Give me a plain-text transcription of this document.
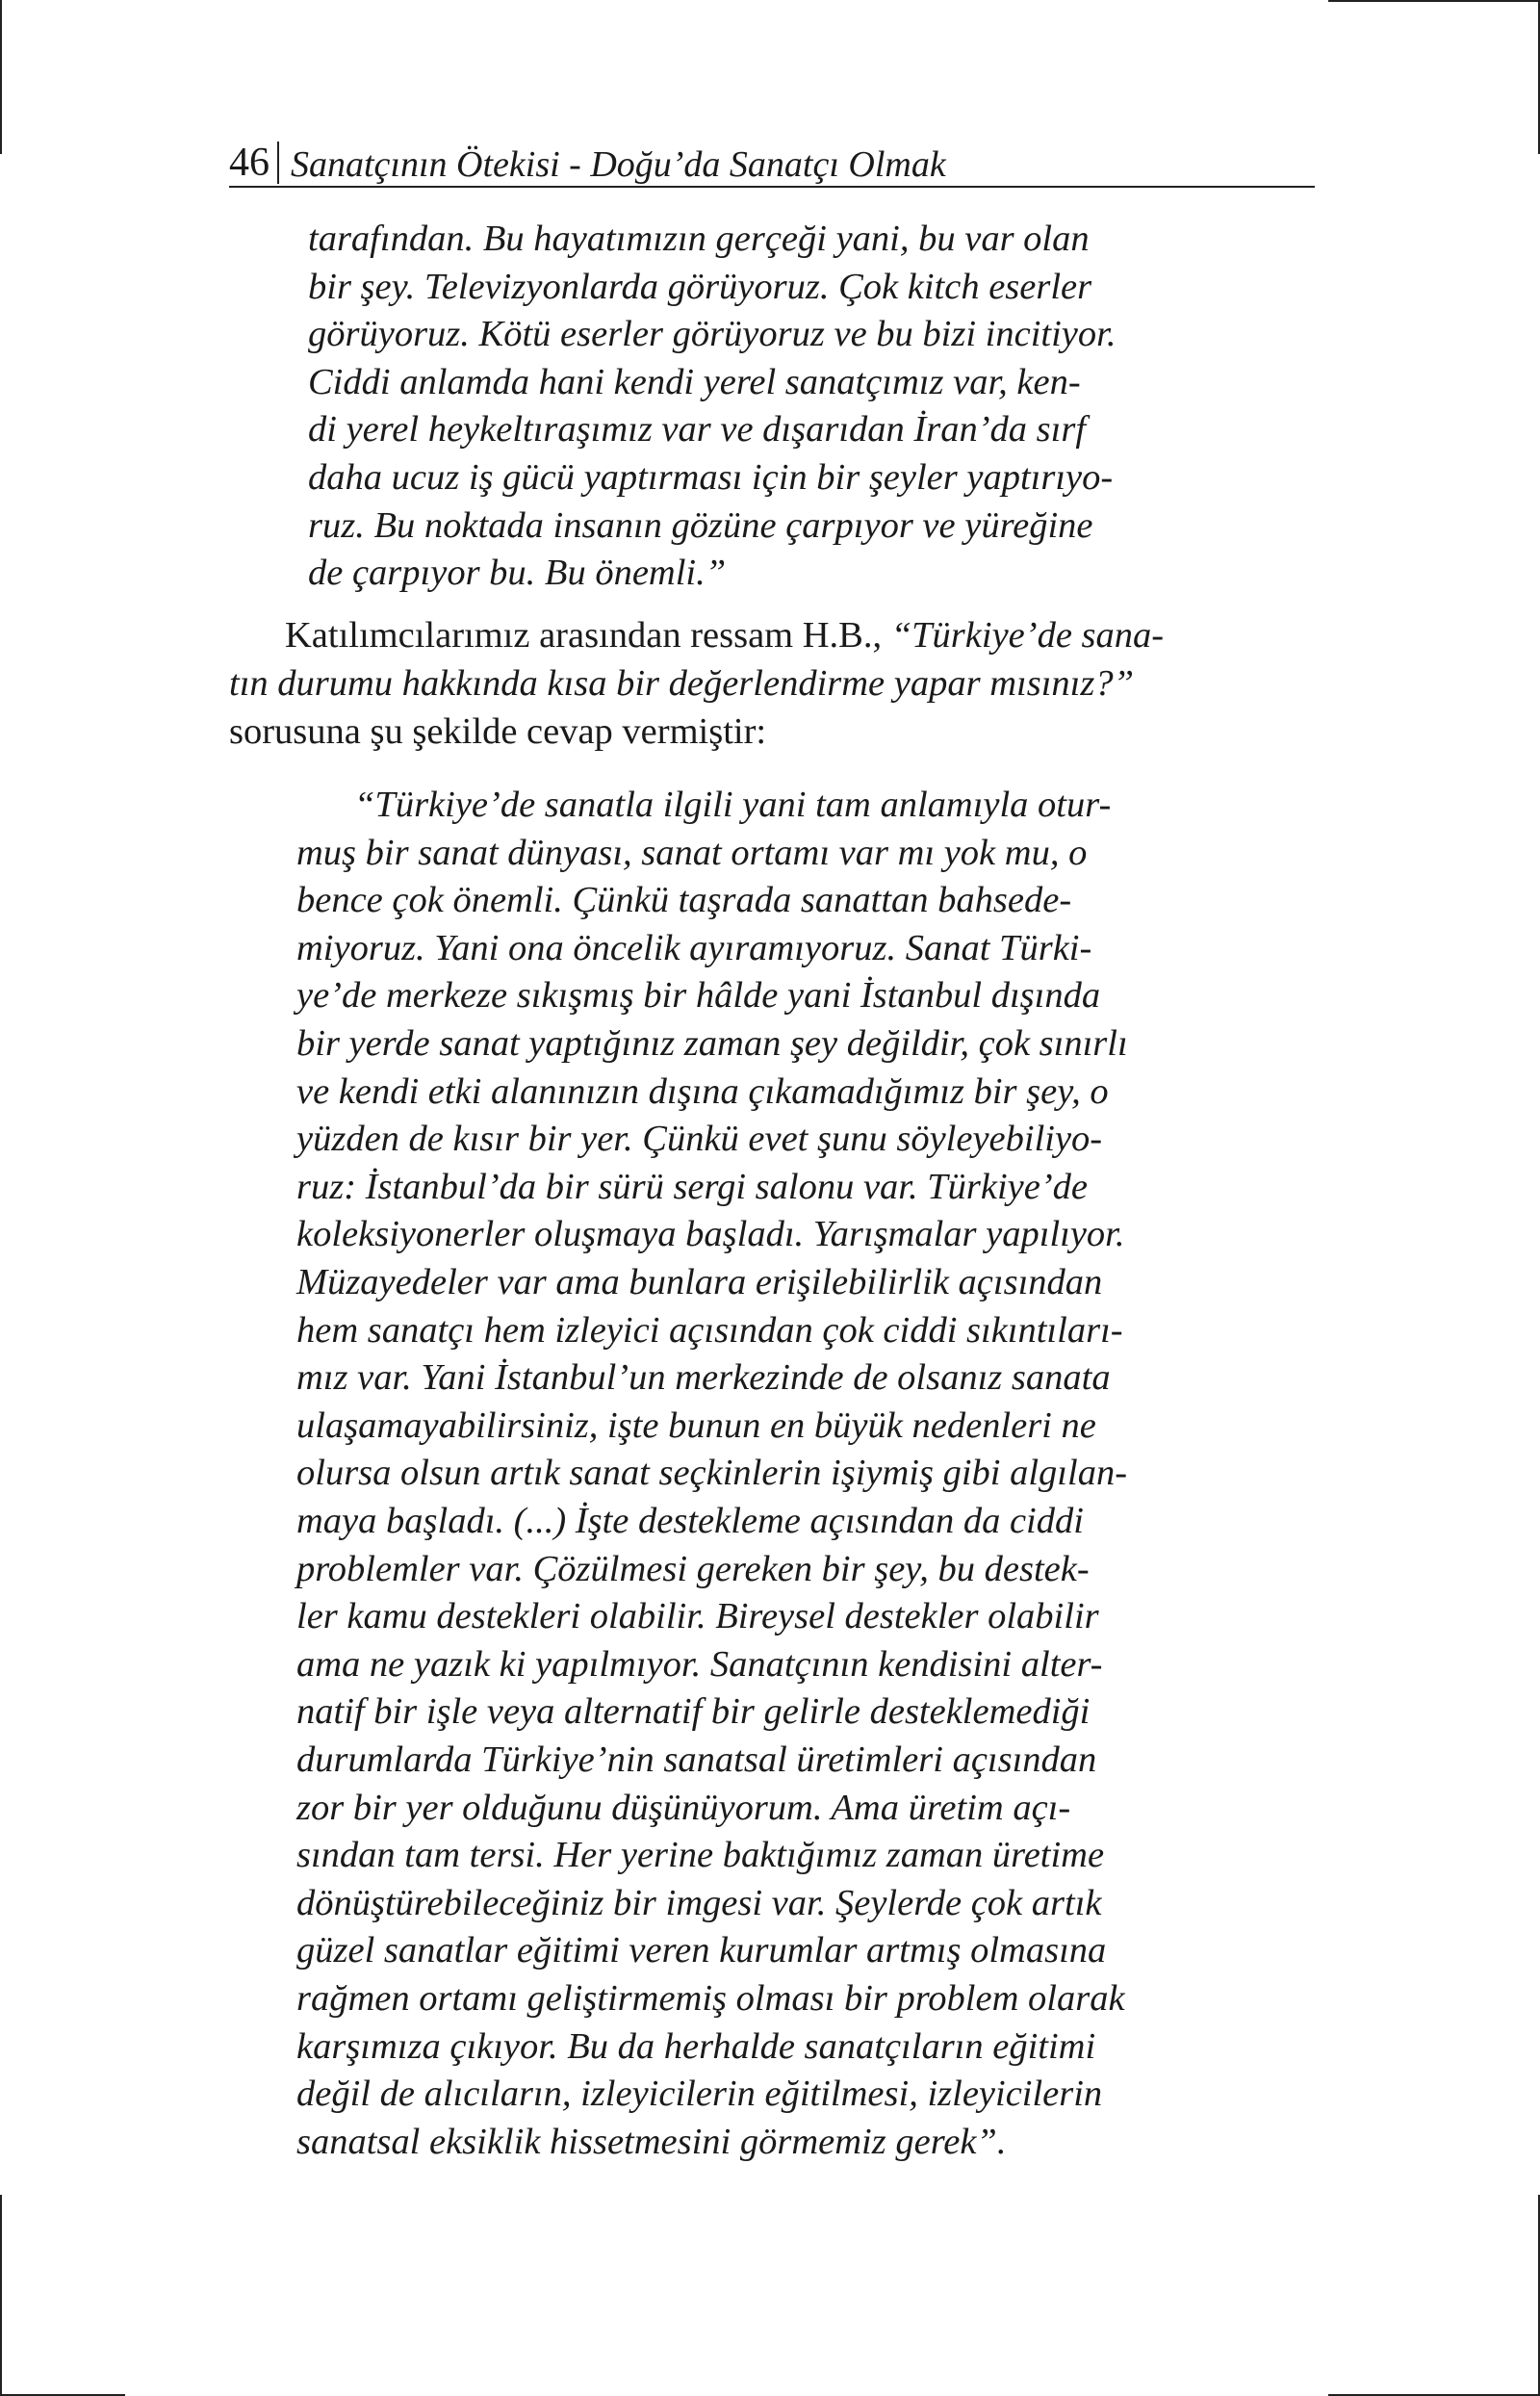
46 Sanatçının Ötekisi - Doğu’da Sanatçı Olmak
tarafından. Bu hayatımızın gerçeği yani, bu var olan
bir şey. Televizyonlarda görüyoruz. Çok kitch eserler
görüyoruz. Kötü eserler görüyoruz ve bu bizi incitiyor.
Ciddi anlamda hani kendi yerel sanatçımız var, ken-
di yerel heykeltıraşımız var ve dışarıdan İran’da sırf
daha ucuz iş gücü yaptırması için bir şeyler yaptırıyo-
ruz. Bu noktada insanın gözüne çarpıyor ve yüreğine
de çarpıyor bu. Bu önemli.”
Katılımcılarımız arasından ressam H.B., “Türkiye’de sana-
tın durumu hakkında kısa bir değerlendirme yapar mısınız?”
sorusuna şu şekilde cevap vermiştir:
“Türkiye’de sanatla ilgili yani tam anlamıyla otur-
muş bir sanat dünyası, sanat ortamı var mı yok mu, o
bence çok önemli. Çünkü taşrada sanattan bahsede-
miyoruz. Yani ona öncelik ayıramıyoruz. Sanat Türki-
ye’de merkeze sıkışmış bir hâlde yani İstanbul dışında
bir yerde sanat yaptığınız zaman şey değildir, çok sınırlı
ve kendi etki alanınızın dışına çıkamadığımız bir şey, o
yüzden de kısır bir yer. Çünkü evet şunu söyleyebiliyo-
ruz: İstanbul’da bir sürü sergi salonu var. Türkiye’de
koleksiyonerler oluşmaya başladı. Yarışmalar yapılıyor.
Müzayedeler var ama bunlara erişilebilirlik açısından
hem sanatçı hem izleyici açısından çok ciddi sıkıntıları-
mız var. Yani İstanbul’un merkezinde de olsanız sanata
ulaşamayabilirsiniz, işte bunun en büyük nedenleri ne
olursa olsun artık sanat seçkinlerin işiymiş gibi algılan-
maya başladı. (...) İşte destekleme açısından da ciddi
problemler var. Çözülmesi gereken bir şey, bu destek-
ler kamu destekleri olabilir. Bireysel destekler olabilir
ama ne yazık ki yapılmıyor. Sanatçının kendisini alter-
natif bir işle veya alternatif bir gelirle desteklemediği
durumlarda Türkiye’nin sanatsal üretimleri açısından
zor bir yer olduğunu düşünüyorum. Ama üretim açı-
sından tam tersi. Her yerine baktığımız zaman üretime
dönüştürebileceğiniz bir imgesi var. Şeylerde çok artık
güzel sanatlar eğitimi veren kurumlar artmış olmasına
rağmen ortamı geliştirmemiş olması bir problem olarak
karşımıza çıkıyor. Bu da herhalde sanatçıların eğitimi
değil de alıcıların, izleyicilerin eğitilmesi, izleyicilerin
sanatsal eksiklik hissetmesini görmemiz gerek”.
